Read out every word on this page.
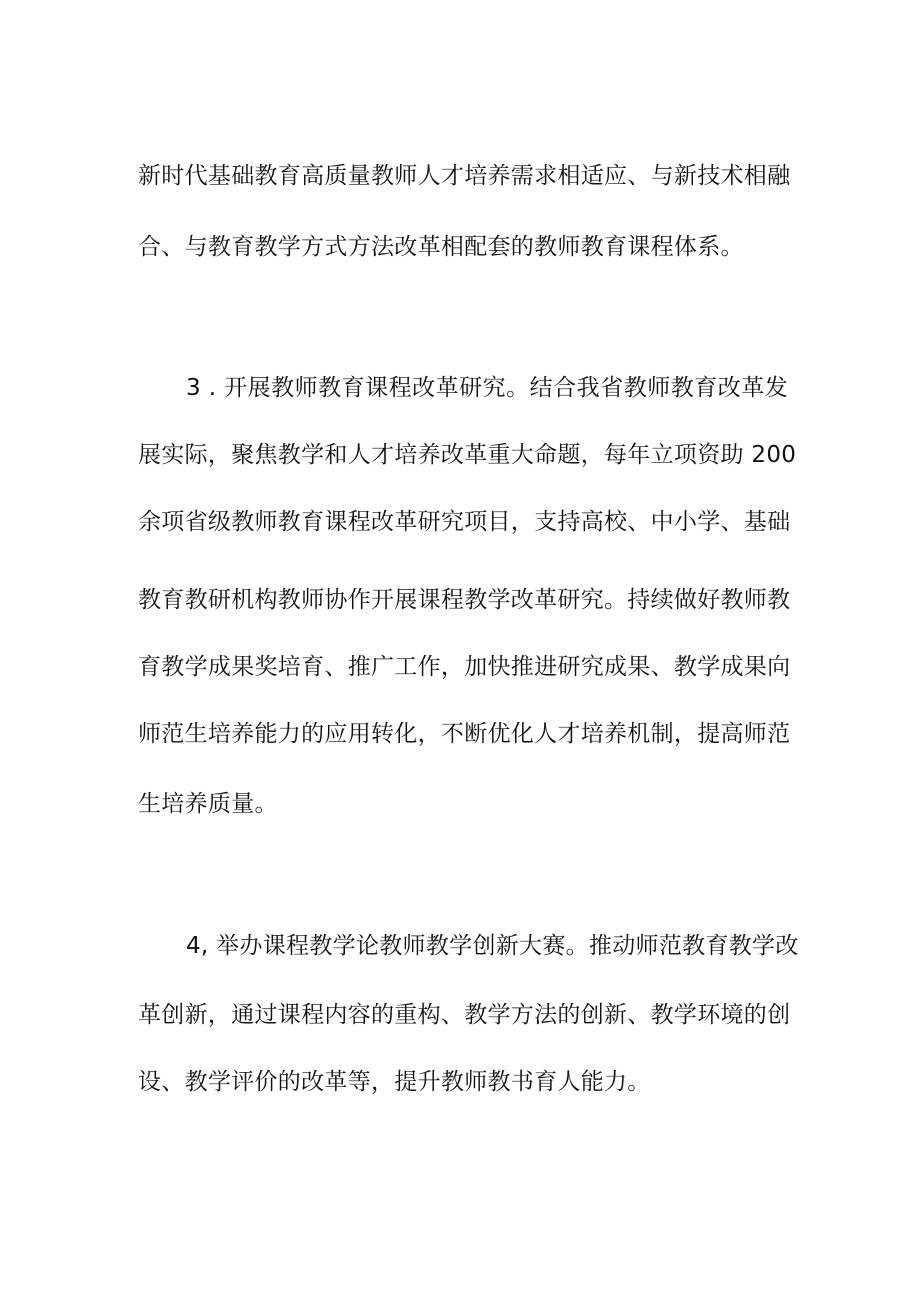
新时代基础教育高质量教师人才培养需求相适应、与新技术相融
合、与教育教学方式方法改革相配套的教师教育课程体系。
3 . 开展教师教育课程改革研究。结合我省教师教育改革发
展实际，聚焦教学和人才培养改革重大命题，每年立项资助 200
余项省级教师教育课程改革研究项目，支持高校、中小学、基础
教育教研机构教师协作开展课程教学改革研究。持续做好教师教
育教学成果奖培育、推广工作，加快推进研究成果、教学成果向
师范生培养能力的应用转化，不断优化人才培养机制，提高师范
生培养质量。
4, 举办课程教学论教师教学创新大赛。推动师范教育教学改
革创新，通过课程内容的重构、教学方法的创新、教学环境的创
设、教学评价的改革等，提升教师教书育人能力。
